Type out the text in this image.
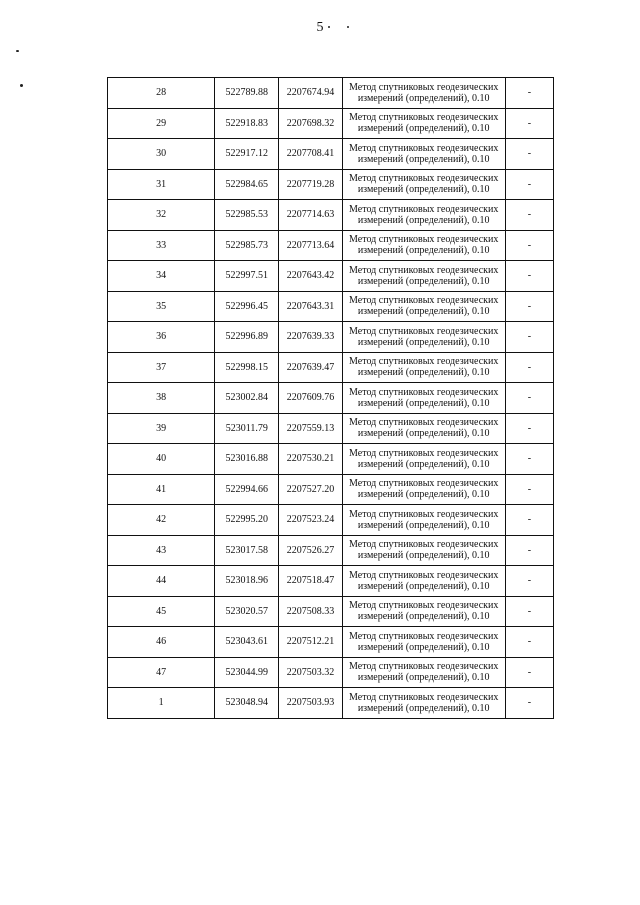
5
28	522789.88	2207674.94	Метод спутниковых геодезических измерений (определений), 0.10	-
29	522918.83	2207698.32	Метод спутниковых геодезических измерений (определений), 0.10	-
30	522917.12	2207708.41	Метод спутниковых геодезических измерений (определений), 0.10	-
31	522984.65	2207719.28	Метод спутниковых геодезических измерений (определений), 0.10	-
32	522985.53	2207714.63	Метод спутниковых геодезических измерений (определений), 0.10	-
33	522985.73	2207713.64	Метод спутниковых геодезических измерений (определений), 0.10	-
34	522997.51	2207643.42	Метод спутниковых геодезических измерений (определений), 0.10	-
35	522996.45	2207643.31	Метод спутниковых геодезических измерений (определений), 0.10	-
36	522996.89	2207639.33	Метод спутниковых геодезических измерений (определений), 0.10	-
37	522998.15	2207639.47	Метод спутниковых геодезических измерений (определений), 0.10	-
38	523002.84	2207609.76	Метод спутниковых геодезических измерений (определений), 0.10	-
39	523011.79	2207559.13	Метод спутниковых геодезических измерений (определений), 0.10	-
40	523016.88	2207530.21	Метод спутниковых геодезических измерений (определений), 0.10	-
41	522994.66	2207527.20	Метод спутниковых геодезических измерений (определений), 0.10	-
42	522995.20	2207523.24	Метод спутниковых геодезических измерений (определений), 0.10	-
43	523017.58	2207526.27	Метод спутниковых геодезических измерений (определений), 0.10	-
44	523018.96	2207518.47	Метод спутниковых геодезических измерений (определений), 0.10	-
45	523020.57	2207508.33	Метод спутниковых геодезических измерений (определений), 0.10	-
46	523043.61	2207512.21	Метод спутниковых геодезических измерений (определений), 0.10	-
47	523044.99	2207503.32	Метод спутниковых геодезических измерений (определений), 0.10	-
1	523048.94	2207503.93	Метод спутниковых геодезических измерений (определений), 0.10	-
